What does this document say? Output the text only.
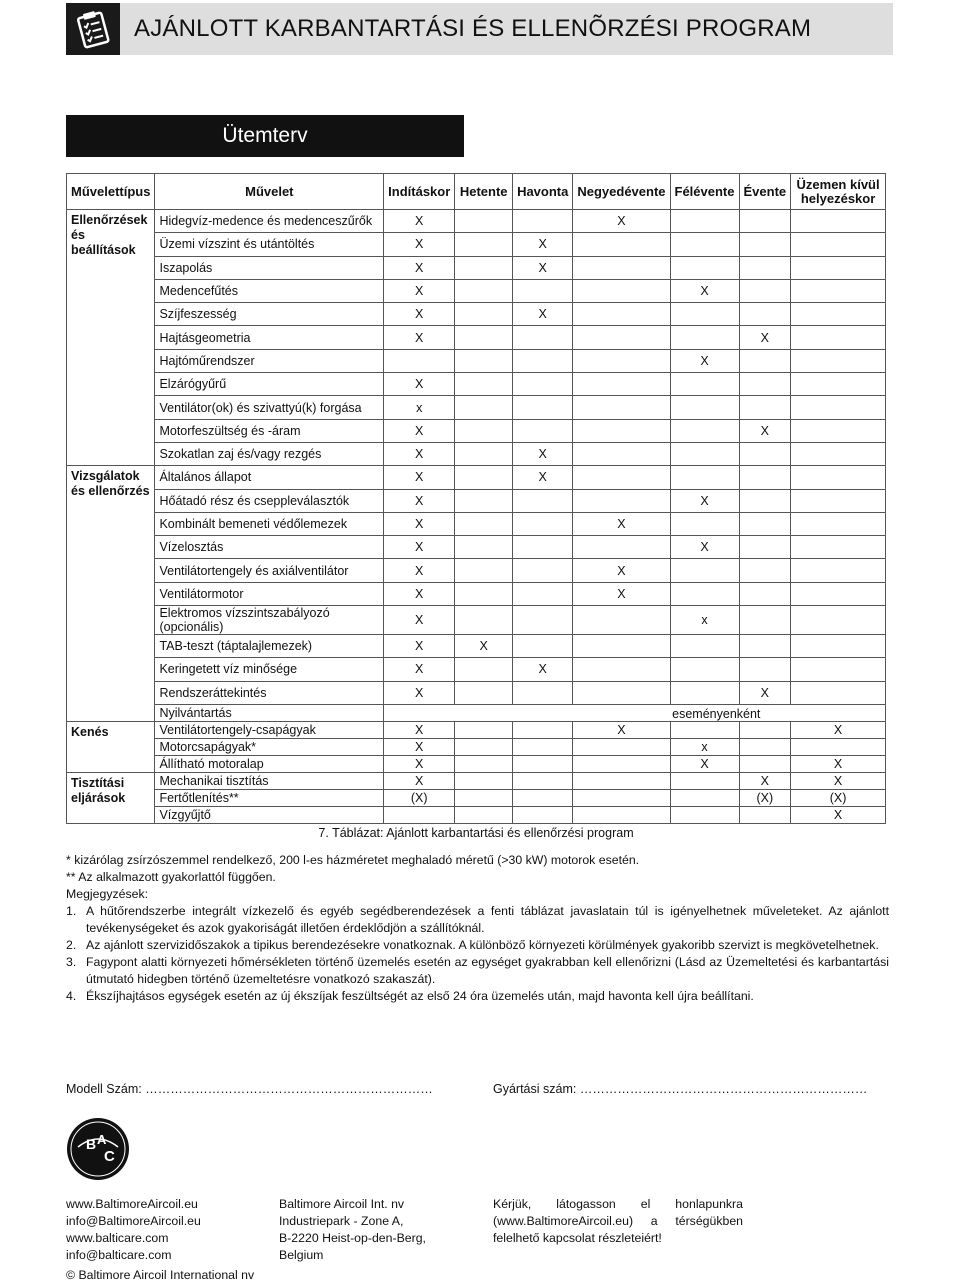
AJÁNLOTT KARBANTARTÁSI ÉS ELLENÕRZÉSI PROGRAM
Ütemterv
Művelettípus	Művelet	Indításkor	Hetente	Havonta	Negyedévente	Félévente	Évente	Üzemen kívül helyezéskor
Ellenőrzések és beállítások	Hidegvíz-medence és medenceszűrők	X			X			
	Üzemi vízszint és utántöltés	X		X				
	Iszapolás	X		X				
	Medencefűtés	X				X		
	Szíjfeszesség	X		X				
	Hajtásgeometria	X					X	
	Hajtóműrendszer					X		
	Elzárógyűrű	X						
	Ventilátor(ok) és szivattyú(k) forgása	x						
	Motorfeszültség és -áram	X					X	
	Szokatlan zaj és/vagy rezgés	X		X				
Vizsgálatok és ellenőrzés	Általános állapot	X		X				
	Hőátadó rész és cseppleválasztók	X				X		
	Kombinált bemeneti védőlemezek	X			X			
	Vízelosztás	X				X		
	Ventilátortengely és axiálventilátor	X			X			
	Ventilátormotor	X			X			
	Elektromos vízszintszabályozó (opcionális)	X				x		
	TAB-teszt (táptalajlemezek)	X	X					
	Keringetett víz minősége	X		X				
	Rendszeráttekintés	X					X	
	Nyilvántartás	eseményenként						
Kenés	Ventilátortengely-csapágyak	X			X			X
	Motorcsapágyak*	X				x		
	Állítható motoralap	X				X		X
Tisztítási eljárások	Mechanikai tisztítás	X					X	X
	Fertőtlenítés**	(X)					(X)	(X)
	Vízgyűjtő							X
7. Táblázat: Ajánlott karbantartási és ellenőrzési program

* kizárólag zsírzószemmel rendelkező, 200 l-es házméretet meghaladó méretű (>30 kW) motorok esetén.

** Az alkalmazott gyakorlattól függően.

Megjegyzések:

1. A hűtőrendszerbe integrált vízkezelő és egyéb segédberendezések a fenti táblázat javaslatain túl is igényelhetnek műveleteket. Az ajánlott tevékenységeket és azok gyakoriságát illetően érdeklődjön a szállítóknál.
2. Az ajánlott szervizidőszakok a tipikus berendezésekre vonatkoznak. A különböző környezeti körülmények gyakoribb szervizt is megkövetelhetnek.
3. Fagypont alatti környezeti hőmérsékleten történő üzemelés esetén az egységet gyakrabban kell ellenőrizni (Lásd az Üzemeltetési és karbantartási útmutató hidegben történő üzemeltetésre vonatkozó szakaszát).
4. Ékszíjhajtásos egységek esetén az új ékszíjak feszültségét az első 24 óra üzemelés után, majd havonta kell újra beállítani.
Modell Szám: ……………………………………………………………	Gyártási szám: ……………………………………………………………
B A
C
www.BaltimoreAircoil.eu
info@BaltimoreAircoil.eu
www.balticare.com
info@balticare.com
Baltimore Aircoil Int. nv
Industriepark - Zone A,
B-2220 Heist-op-den-Berg,
Belgium
Kérjük, látogasson el honlapunkra (www.BaltimoreAircoil.eu) a térségükben felelhető kapcsolat részleteiért!
© Baltimore Aircoil International nv
